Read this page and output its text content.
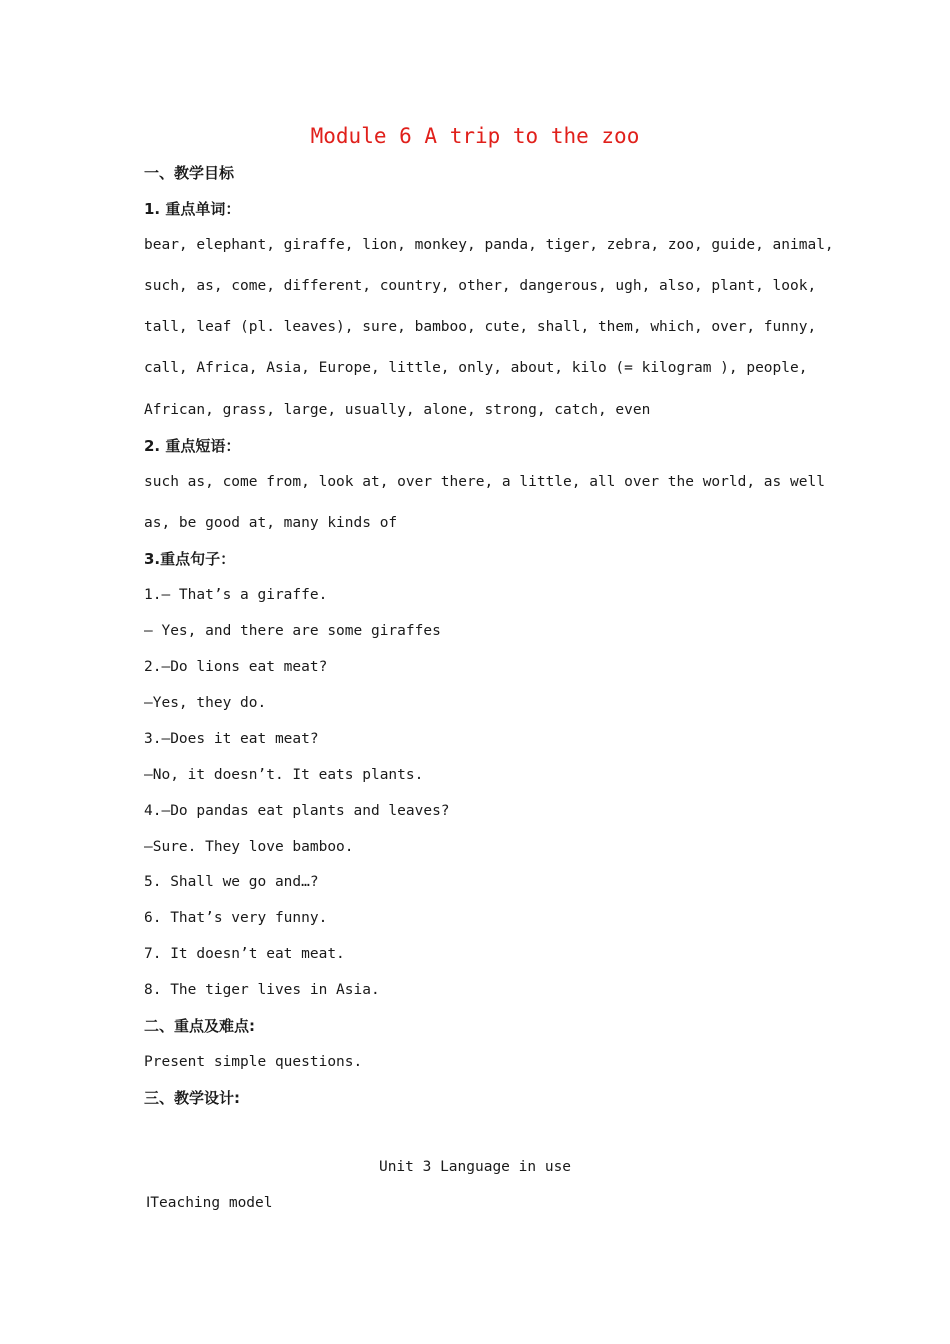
Module 6 A trip to the zoo
一、教学目标
1. 重点单词：
bear, elephant, giraffe, lion, monkey, panda, tiger, zebra, zoo, guide, animal,
such, as, come, different, country, other, dangerous, ugh, also, plant, look,
tall, leaf (pl. leaves), sure, bamboo, cute, shall, them, which, over, funny,
call, Africa, Asia, Europe, little, only, about, kilo (= kilogram ), people,
African, grass, large, usually, alone, strong, catch, even
2. 重点短语：
such as, come from, look at, over there, a little, all over the world, as well
as, be good at, many kinds of
3.重点句子：
1.— That’s a giraffe.
— Yes, and there are some giraffes
2.—Do lions eat meat?
—Yes, they do.
3.—Does it eat meat?
—No, it doesn’t. It eats plants.
4.—Do pandas eat plants and leaves?
—Sure. They love bamboo.
5. Shall we go and…?
6. That’s very funny.
7. It doesn’t eat meat.
8. The tiger lives in Asia.
二、重点及难点:
Present simple questions.
三、教学设计:
Unit 3 Language in use
ⅠTeaching model
